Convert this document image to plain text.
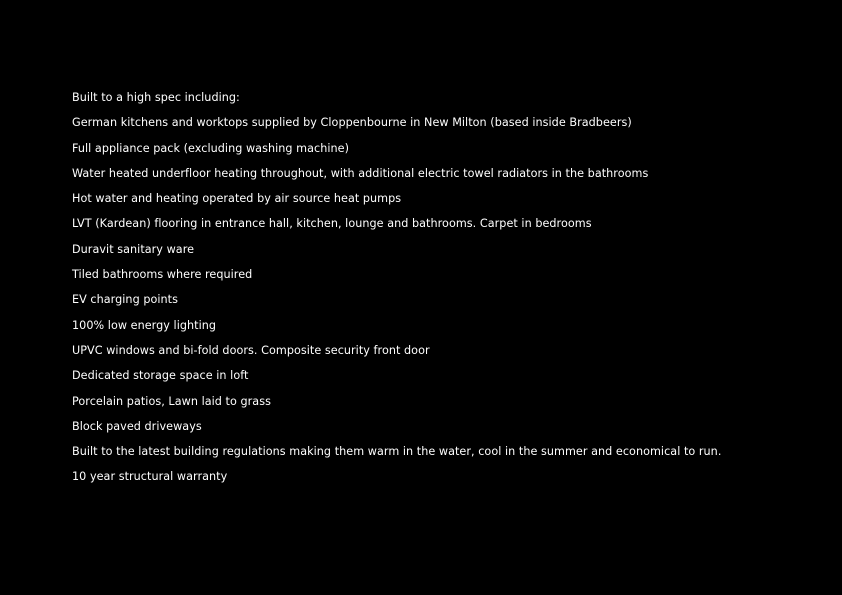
Built to a high spec including:
German kitchens and worktops supplied by Cloppenbourne in New Milton (based inside Bradbeers)
Full appliance pack (excluding washing machine)
Water heated underfloor heating throughout, with additional electric towel radiators in the bathrooms
Hot water and heating operated by air source heat pumps
LVT (Kardean) flooring in entrance hall, kitchen, lounge and bathrooms. Carpet in bedrooms
Duravit sanitary ware
Tiled bathrooms where required
EV charging points
100% low energy lighting
UPVC windows and bi-fold doors. Composite security front door
Dedicated storage space in loft
Porcelain patios, Lawn laid to grass
Block paved driveways
Built to the latest building regulations making them warm in the water, cool in the summer and economical to run.
10 year structural warranty
